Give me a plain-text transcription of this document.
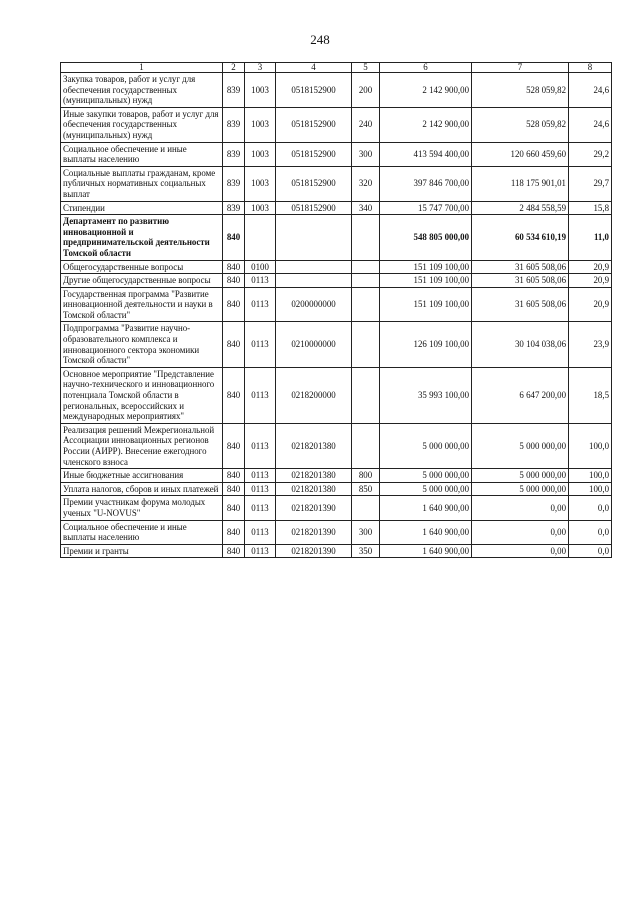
248
1	2	3	4	5	6	7	8
Закупка товаров, работ и услуг для обеспечения государственных (муниципальных) нужд	839	1003	0518152900	200	2 142 900,00	528 059,82	24,6
Иные закупки товаров, работ и услуг для обеспечения государственных (муниципальных) нужд	839	1003	0518152900	240	2 142 900,00	528 059,82	24,6
Социальное обеспечение и иные выплаты населению	839	1003	0518152900	300	413 594 400,00	120 660 459,60	29,2
Социальные выплаты гражданам, кроме публичных нормативных социальных выплат	839	1003	0518152900	320	397 846 700,00	118 175 901,01	29,7
Стипендии	839	1003	0518152900	340	15 747 700,00	2 484 558,59	15,8
Департамент по развитию инновационной и предпринимательской деятельности Томской области	840				548 805 000,00	60 534 610,19	11,0
Общегосударственные вопросы	840	0100			151 109 100,00	31 605 508,06	20,9
Другие общегосударственные вопросы	840	0113			151 109 100,00	31 605 508,06	20,9
Государственная программа "Развитие инновационной деятельности и науки в Томской области"	840	0113	0200000000		151 109 100,00	31 605 508,06	20,9
Подпрограмма "Развитие научно-образовательного комплекса и инновационного сектора экономики Томской области"	840	0113	0210000000		126 109 100,00	30 104 038,06	23,9
Основное мероприятие "Представление научно-технического и инновационного потенциала Томской области в региональных, всероссийских и международных мероприятиях"	840	0113	0218200000		35 993 100,00	6 647 200,00	18,5
Реализация решений Межрегиональной Ассоциации инновационных регионов России (АИРР). Внесение ежегодного членского взноса	840	0113	0218201380		5 000 000,00	5 000 000,00	100,0
Иные бюджетные ассигнования	840	0113	0218201380	800	5 000 000,00	5 000 000,00	100,0
Уплата налогов, сборов и иных платежей	840	0113	0218201380	850	5 000 000,00	5 000 000,00	100,0
Премии участникам форума молодых ученых "U-NOVUS"	840	0113	0218201390		1 640 900,00	0,00	0,0
Социальное обеспечение и иные выплаты населению	840	0113	0218201390	300	1 640 900,00	0,00	0,0
Премии и гранты	840	0113	0218201390	350	1 640 900,00	0,00	0,0
